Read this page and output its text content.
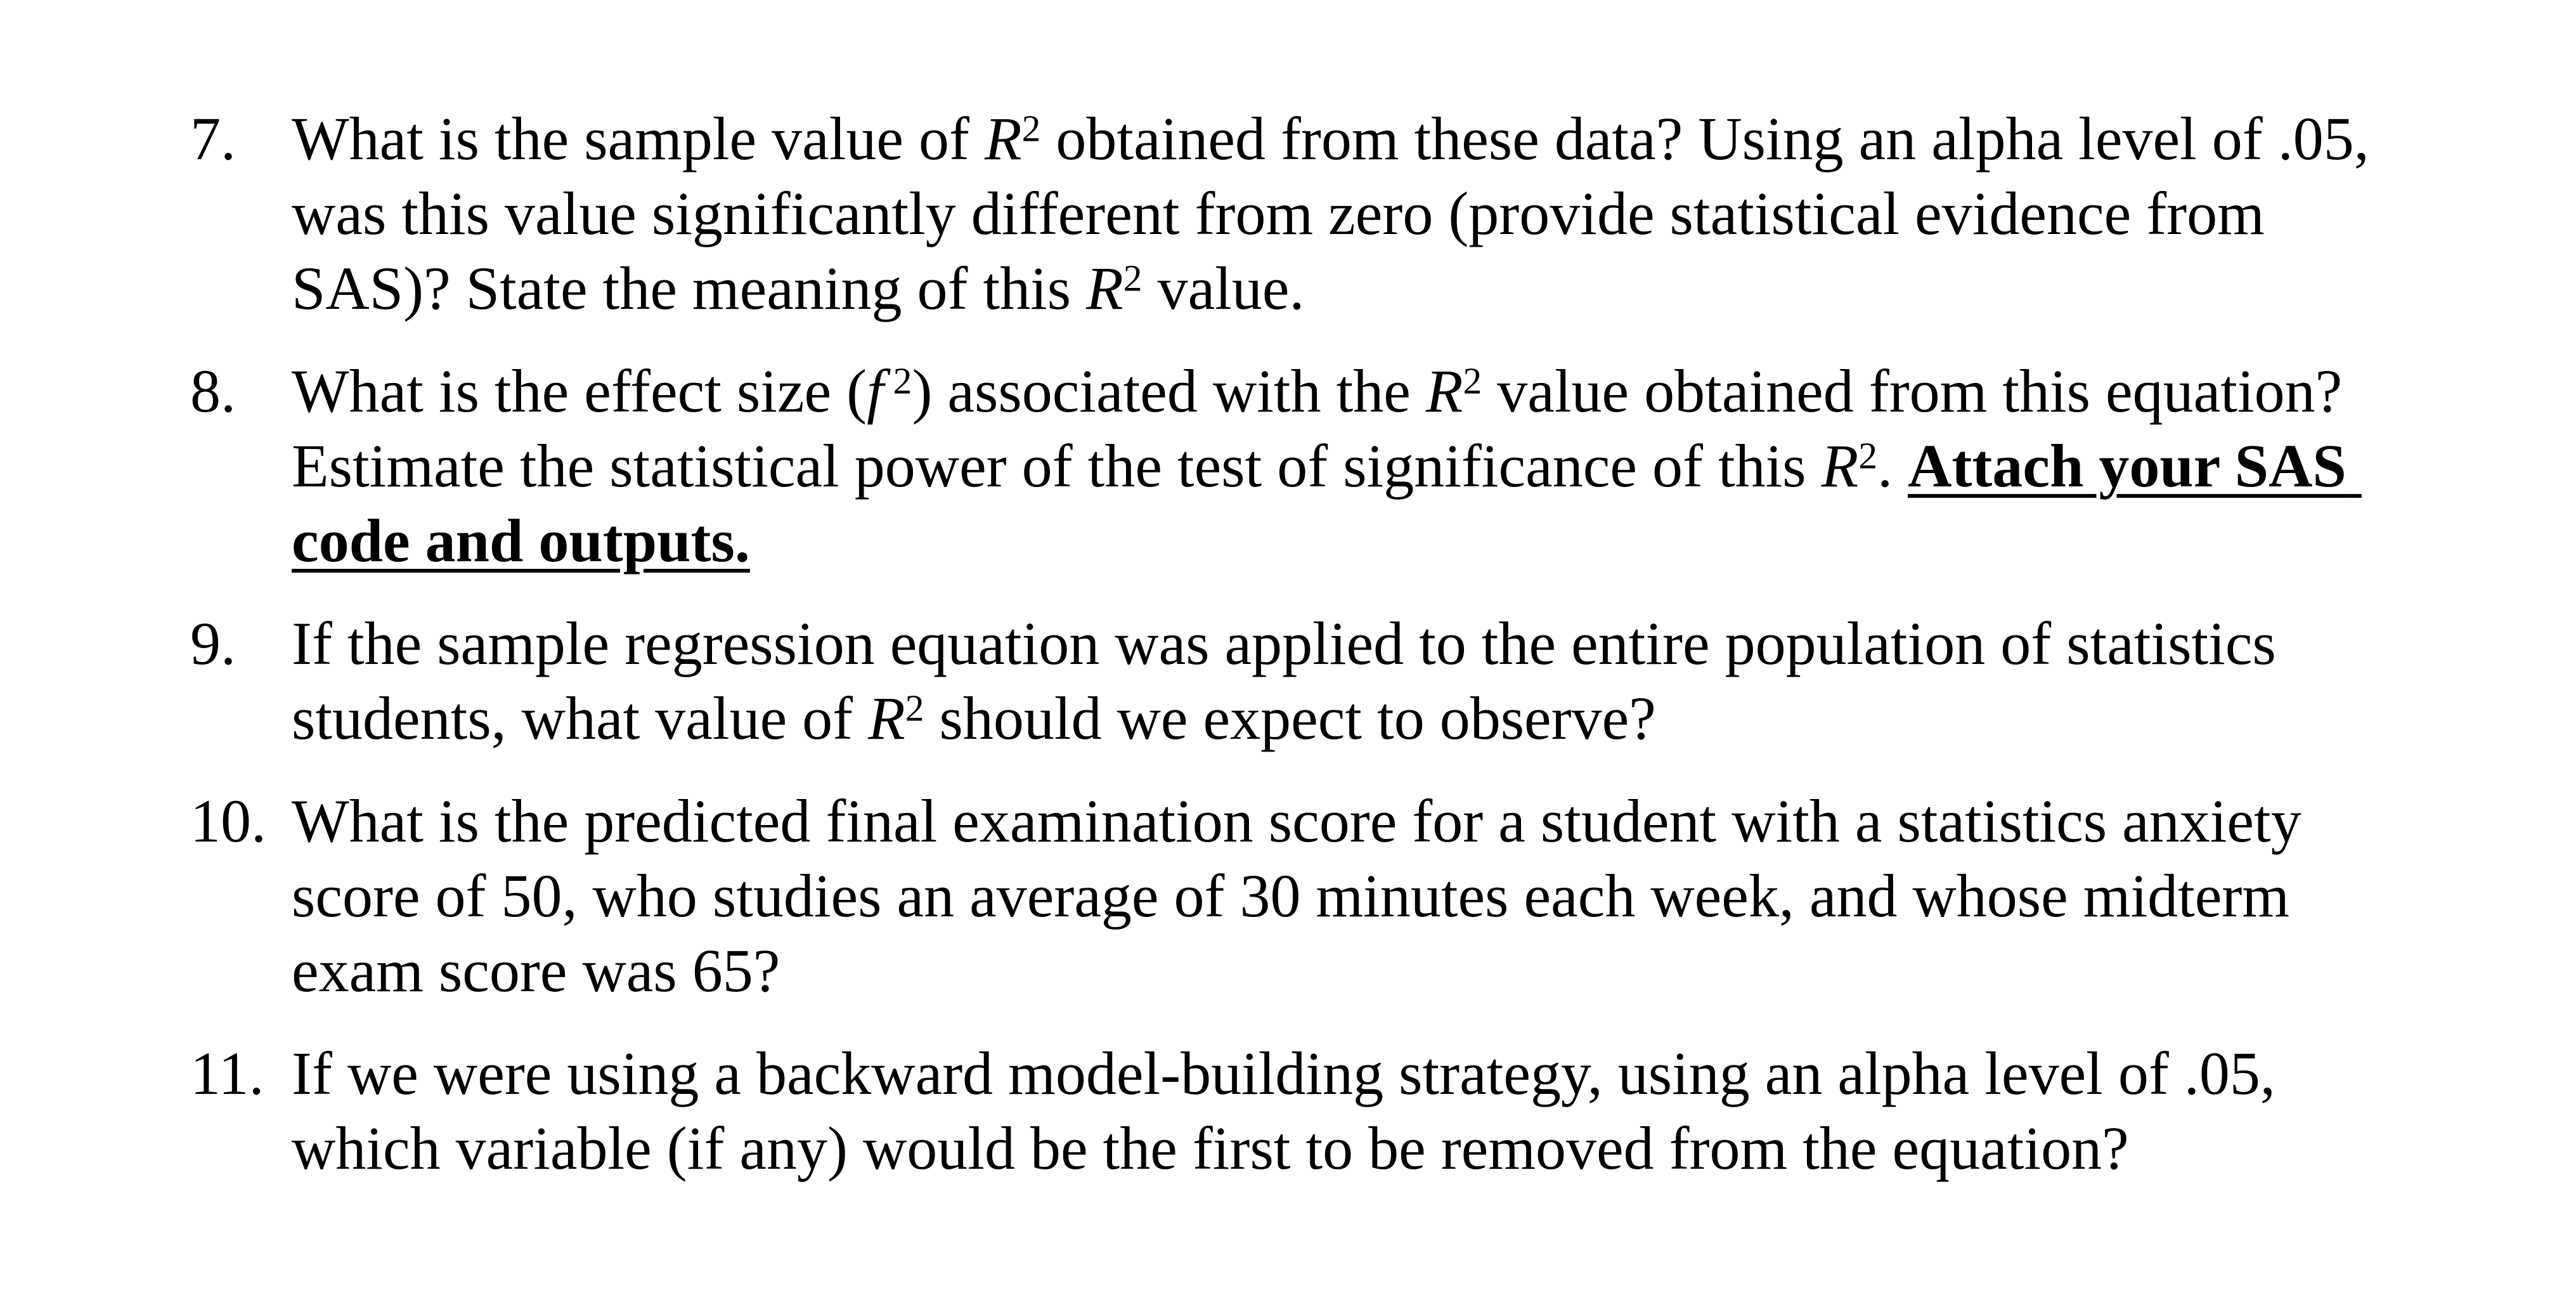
7. What is the sample value of $R^2$ obtained from these data? Using an alpha level of .05, was this value significantly different from zero (provide statistical evidence from SAS)? State the meaning of this $R^2$ value.
8. What is the effect size (f $^2$) associated with the $R^2$ value obtained from this equation? Estimate the statistical power of the test of significance of this $R^2$. Attach your SAS code and outputs.
9. If the sample regression equation was applied to the entire population of statistics students, what value of $R^2$ should we expect to observe?
10. What is the predicted final examination score for a student with a statistics anxiety score of 50, who studies an average of 30 minutes each week, and whose midterm exam score was 65?
11. If we were using a backward model-building strategy, using an alpha level of .05, which variable (if any) would be the first to be removed from the equation?
